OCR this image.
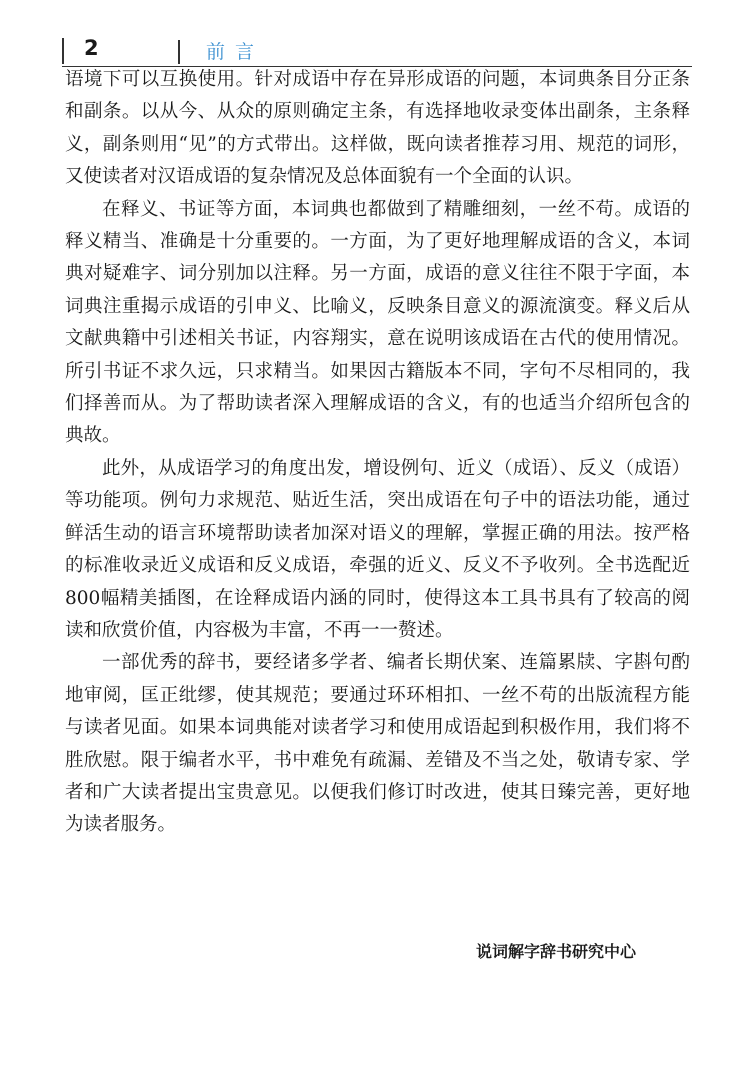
2	前言

语境下可以互换使用。针对成语中存在异形成语的问题，本词典条目分正条和副条。以从今、从众的原则确定主条，有选择地收录变体出副条，主条释义，副条则用“见”的方式带出。这样做，既向读者推荐习用、规范的词形，又使读者对汉语成语的复杂情况及总体面貌有一个全面的认识。

在释义、书证等方面，本词典也都做到了精雕细刻，一丝不苟。成语的释义精当、准确是十分重要的。一方面，为了更好地理解成语的含义，本词典对疑难字、词分别加以注释。另一方面，成语的意义往往不限于字面，本词典注重揭示成语的引申义、比喻义，反映条目意义的源流演变。释义后从文献典籍中引述相关书证，内容翔实，意在说明该成语在古代的使用情况。所引书证不求久远，只求精当。如果因古籍版本不同，字句不尽相同的，我们择善而从。为了帮助读者深入理解成语的含义，有的也适当介绍所包含的典故。

此外，从成语学习的角度出发，增设例句、近义（成语）、反义（成语）等功能项。例句力求规范、贴近生活，突出成语在句子中的语法功能，通过鲜活生动的语言环境帮助读者加深对语义的理解，掌握正确的用法。按严格的标准收录近义成语和反义成语，牵强的近义、反义不予收列。全书选配近800幅精美插图，在诠释成语内涵的同时，使得这本工具书具有了较高的阅读和欣赏价值，内容极为丰富，不再一一赘述。

一部优秀的辞书，要经诸多学者、编者长期伏案、连篇累牍、字斟句酌地审阅，匡正纰缪，使其规范；要通过环环相扣、一丝不苟的出版流程方能与读者见面。如果本词典能对读者学习和使用成语起到积极作用，我们将不胜欣慰。限于编者水平，书中难免有疏漏、差错及不当之处，敬请专家、学者和广大读者提出宝贵意见。以便我们修订时改进，使其日臻完善，更好地为读者服务。

说词解字辞书研究中心
